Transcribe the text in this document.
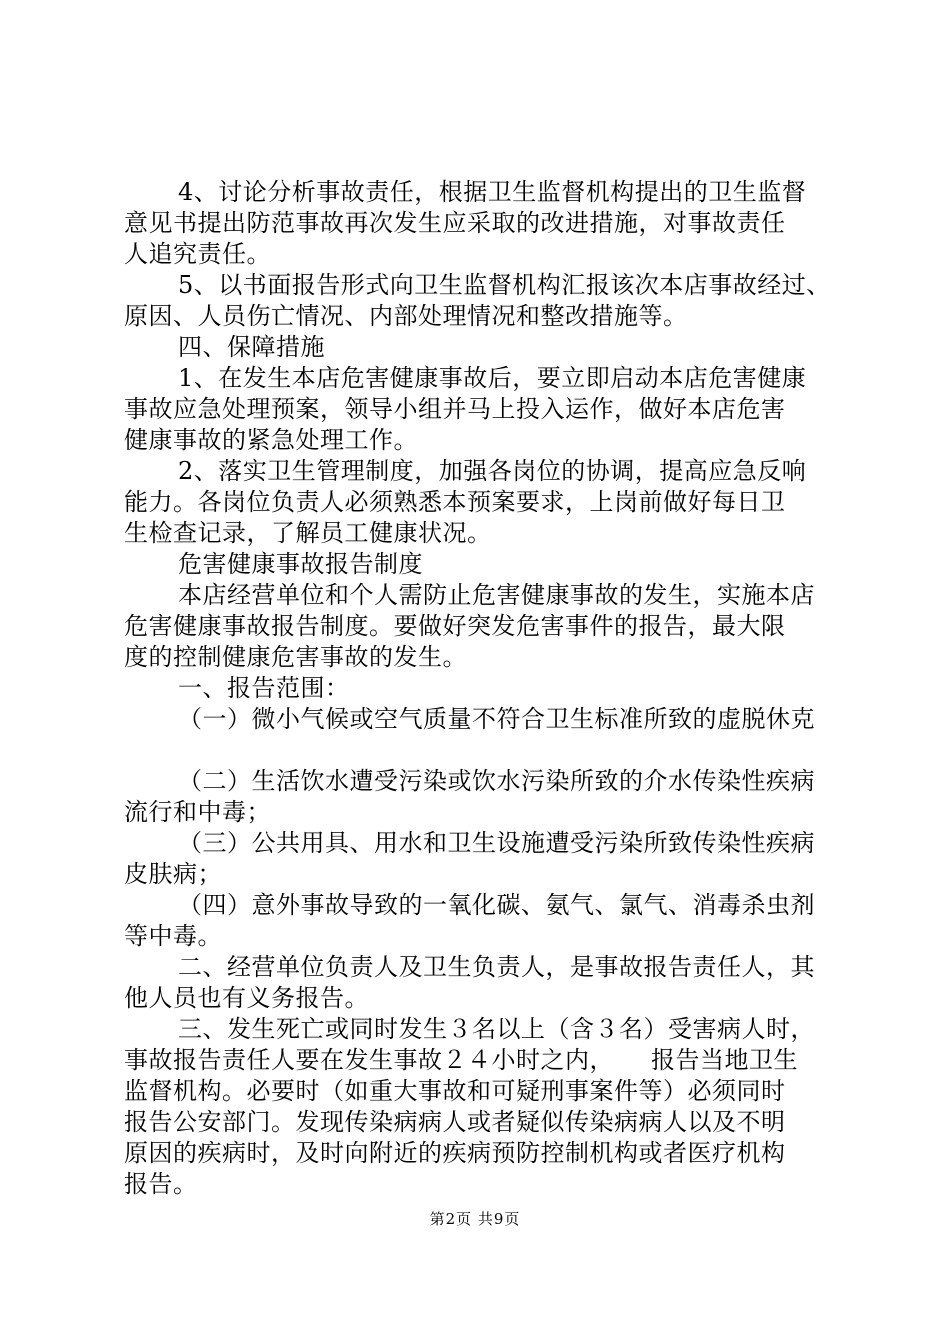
4、讨论分析事故责任，根据卫生监督机构提出的卫生监督
意见书提出防范事故再次发生应采取的改进措施，对事故责任
人追究责任。
5、以书面报告形式向卫生监督机构汇报该次本店事故经过、
原因、人员伤亡情况、内部处理情况和整改措施等。
四、保障措施
1、在发生本店危害健康事故后，要立即启动本店危害健康
事故应急处理预案，领导小组并马上投入运作，做好本店危害
健康事故的紧急处理工作。
2、落实卫生管理制度，加强各岗位的协调，提高应急反响
能力。各岗位负责人必须熟悉本预案要求，上岗前做好每日卫
生检查记录，了解员工健康状况。
危害健康事故报告制度
本店经营单位和个人需防止危害健康事故的发生，实施本店
危害健康事故报告制度。要做好突发危害事件的报告，最大限
度的控制健康危害事故的发生。
一、报告范围：
（一）微小气候或空气质量不符合卫生标准所致的虚脱休克
（二）生活饮水遭受污染或饮水污染所致的介水传染性疾病
流行和中毒；
（三）公共用具、用水和卫生设施遭受污染所致传染性疾病
皮肤病；
（四）意外事故导致的一氧化碳、氨气、氯气、消毒杀虫剂
等中毒。
二、经营单位负责人及卫生负责人，是事故报告责任人，其
他人员也有义务报告。
三、发生死亡或同时发生３名以上（含３名）受害病人时，
事故报告责任人要在发生事故２４小时之内，　　报告当地卫生
监督机构。必要时（如重大事故和可疑刑事案件等）必须同时
报告公安部门。发现传染病病人或者疑似传染病病人以及不明
原因的疾病时，及时向附近的疾病预防控制机构或者医疗机构
报告。
第2页 共9页
